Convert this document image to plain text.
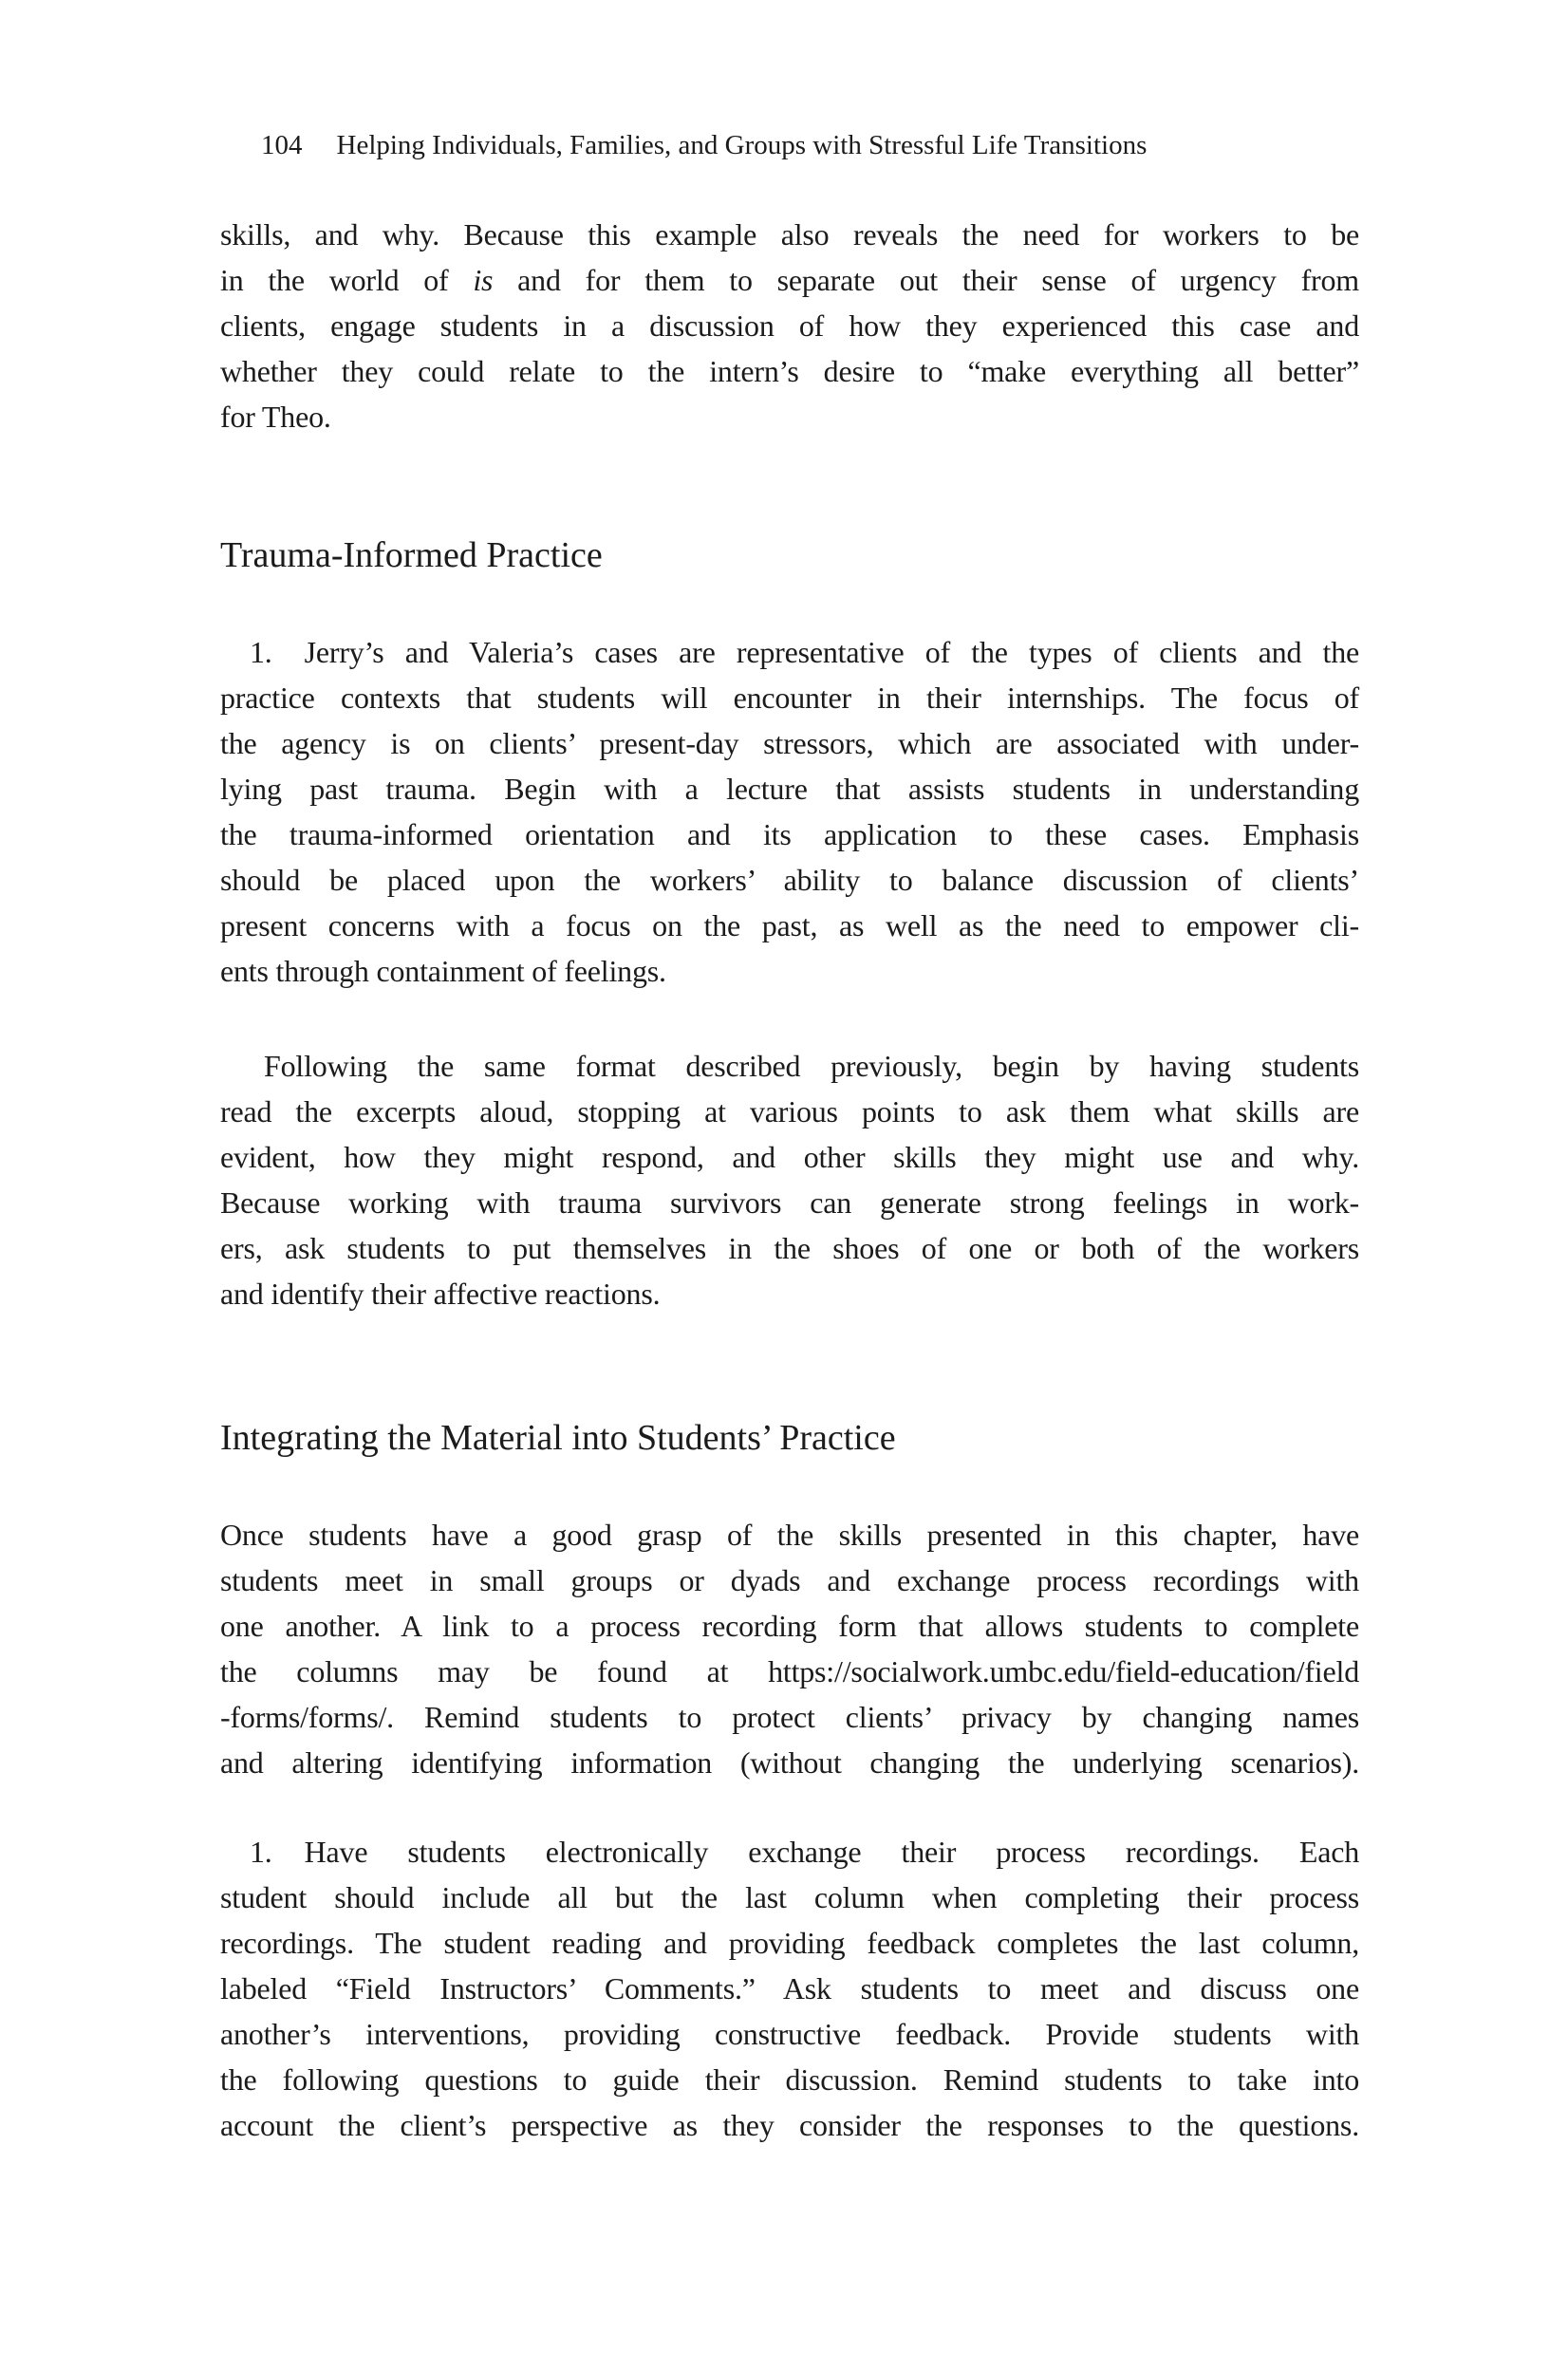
104 Helping Individuals, Families, and Groups with Stressful Life Transitions
skills, and why. Because this example also reveals the need for workers to be
in the world of is and for them to separate out their sense of urgency from
clients, engage students in a discussion of how they experienced this case and
whether they could relate to the intern’s desire to “make everything all better”
for Theo.
Trauma-Informed Practice
1. Jerry’s and Valeria’s cases are representative of the types of clients and the
practice contexts that students will encounter in their internships. The focus of
the agency is on clients’ present-day stressors, which are associated with under-
lying past trauma. Begin with a lecture that assists students in understanding
the trauma-informed orientation and its application to these cases. Emphasis
should be placed upon the workers’ ability to balance discussion of clients’
present concerns with a focus on the past, as well as the need to empower cli-
ents through containment of feelings.
Following the same format described previously, begin by having students
read the excerpts aloud, stopping at various points to ask them what skills are
evident, how they might respond, and other skills they might use and why.
Because working with trauma survivors can generate strong feelings in work-
ers, ask students to put themselves in the shoes of one or both of the workers
and identify their affective reactions.
Integrating the Material into Students’ Practice
Once students have a good grasp of the skills presented in this chapter, have
students meet in small groups or dyads and exchange process recordings with
one another. A link to a process recording form that allows students to complete
the columns may be found at https://socialwork.umbc.edu/field-education/field
-forms/forms/. Remind students to protect clients’ privacy by changing names
and altering identifying information (without changing the underlying scenarios).
1. Have students electronically exchange their process recordings. Each
student should include all but the last column when completing their process
recordings. The student reading and providing feedback completes the last column,
labeled “Field Instructors’ Comments.” Ask students to meet and discuss one
another’s interventions, providing constructive feedback. Provide students with
the following questions to guide their discussion. Remind students to take into
account the client’s perspective as they consider the responses to the questions.
